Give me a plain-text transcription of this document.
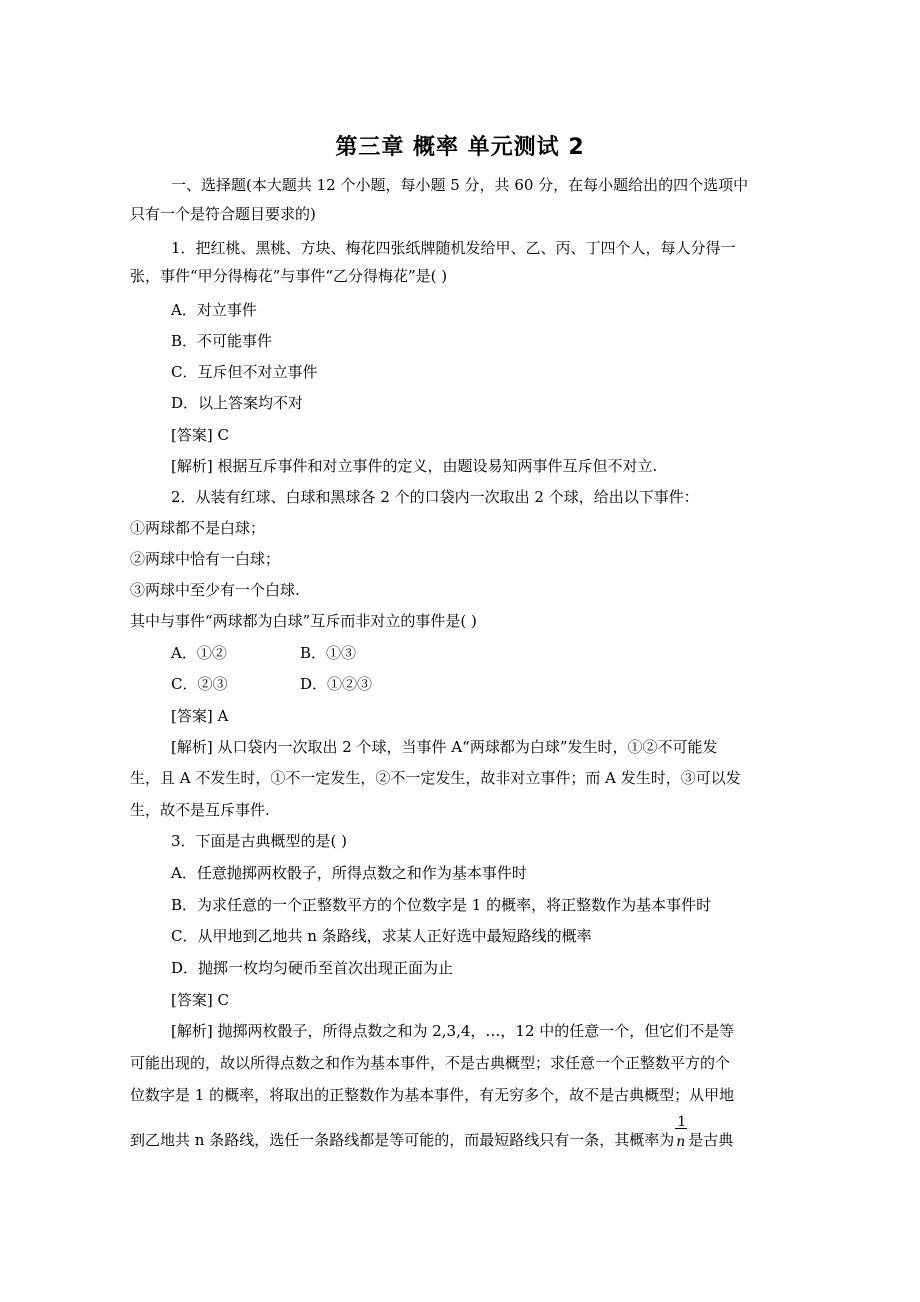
第三章 概率 单元测试 2
一、选择题(本大题共 12 个小题，每小题 5 分，共 60 分，在每小题给出的四个选项中
只有一个是符合题目要求的)
1．把红桃、黑桃、方块、梅花四张纸牌随机发给甲、乙、丙、丁四个人，每人分得一
张，事件“甲分得梅花”与事件“乙分得梅花”是( )
A．对立事件
B．不可能事件
C．互斥但不对立事件
D．以上答案均不对
[答案] C
[解析] 根据互斥事件和对立事件的定义，由题设易知两事件互斥但不对立.
2．从装有红球、白球和黑球各 2 个的口袋内一次取出 2 个球，给出以下事件：
①两球都不是白球；
②两球中恰有一白球；
③两球中至少有一个白球.
其中与事件“两球都为白球”互斥而非对立的事件是( )
A．①②	B．①③
C．②③	D．①②③
[答案] A
[解析] 从口袋内一次取出 2 个球，当事件 A“两球都为白球”发生时，①②不可能发
生，且 A 不发生时，①不一定发生，②不一定发生，故非对立事件；而 A 发生时，③可以发
生，故不是互斥事件.
3．下面是古典概型的是( )
A．任意抛掷两枚骰子，所得点数之和作为基本事件时
B．为求任意的一个正整数平方的个位数字是 1 的概率，将正整数作为基本事件时
C．从甲地到乙地共 n 条路线，求某人正好选中最短路线的概率
D．抛掷一枚均匀硬币至首次出现正面为止
[答案] C
[解析] 抛掷两枚骰子，所得点数之和为 2,3,4，…，12 中的任意一个，但它们不是等
可能出现的，故以所得点数之和作为基本事件，不是古典概型；求任意一个正整数平方的个
位数字是 1 的概率，将取出的正整数作为基本事件，有无穷多个，故不是古典概型；从甲地
到乙地共 n 条路线，选任一条路线都是等可能的，而最短路线只有一条，其概率为 $\frac{1}{n}$ 是古典
